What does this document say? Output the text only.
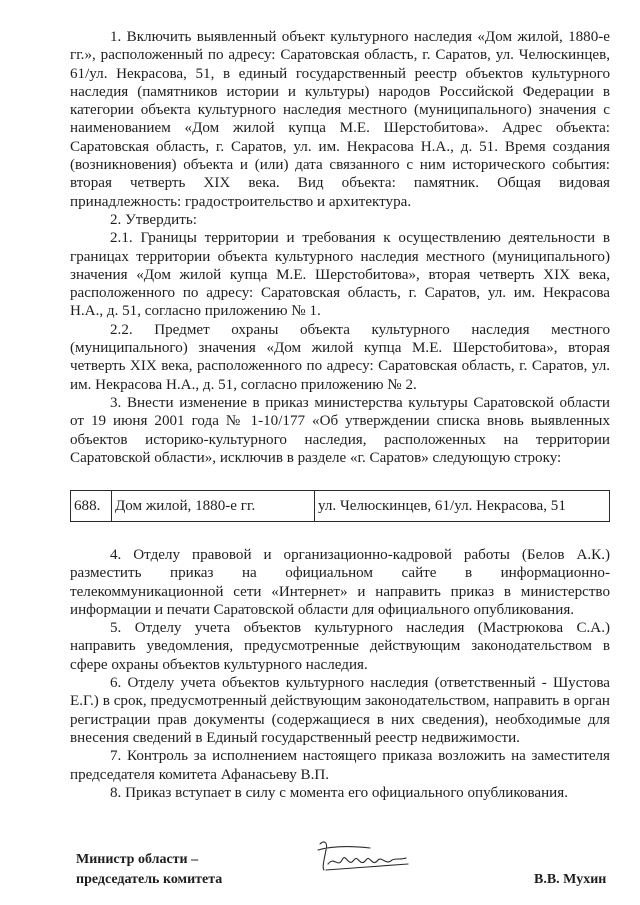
1. Включить выявленный объект культурного наследия «Дом жилой, 1880-е гг.», расположенный по адресу: Саратовская область, г. Саратов, ул. Челюскинцев, 61/ул. Некрасова, 51, в единый государственный реестр объектов культурного наследия (памятников истории и культуры) народов Российской Федерации в категории объекта культурного наследия местного (муниципального) значения с наименованием «Дом жилой купца М.Е. Шерстобитова». Адрес объекта: Саратовская область, г. Саратов, ул. им. Некрасова Н.А., д. 51. Время создания (возникновения) объекта и (или) дата связанного с ним исторического события: вторая четверть XIX века. Вид объекта: памятник. Общая видовая принадлежность: градостроительство и архитектура.

2. Утвердить:

2.1. Границы территории и требования к осуществлению деятельности в границах территории объекта культурного наследия местного (муниципального) значения «Дом жилой купца М.Е. Шерстобитова», вторая четверть XIX века, расположенного по адресу: Саратовская область, г. Саратов, ул. им. Некрасова Н.А., д. 51, согласно приложению № 1.

2.2. Предмет охраны объекта культурного наследия местного (муниципального) значения «Дом жилой купца М.Е. Шерстобитова», вторая четверть XIX века, расположенного по адресу: Саратовская область, г. Саратов, ул. им. Некрасова Н.А., д. 51, согласно приложению № 2.

3. Внести изменение в приказ министерства культуры Саратовской области от 19 июня 2001 года № 1-10/177 «Об утверждении списка вновь выявленных объектов историко-культурного наследия, расположенных на территории Саратовской области», исключив в разделе «г. Саратов» следующую строку:

688.	Дом жилой, 1880-е гг.	ул. Челюскинцев, 61/ул. Некрасова, 51

4. Отделу правовой и организационно-кадровой работы (Белов А.К.) разместить приказ на официальном сайте в информационно-телекоммуникационной сети «Интернет» и направить приказ в министерство информации и печати Саратовской области для официального опубликования.

5. Отделу учета объектов культурного наследия (Мастрюкова С.А.) направить уведомления, предусмотренные действующим законодательством в сфере охраны объектов культурного наследия.

6. Отделу учета объектов культурного наследия (ответственный - Шустова Е.Г.) в срок, предусмотренный действующим законодательством, направить в орган регистрации прав документы (содержащиеся в них сведения), необходимые для внесения сведений в Единый государственный реестр недвижимости.

7. Контроль за исполнением настоящего приказа возложить на заместителя председателя комитета Афанасьеву В.П.

8. Приказ вступает в силу с момента его официального опубликования.

Министр области –
председатель комитета	В.В. Мухин
